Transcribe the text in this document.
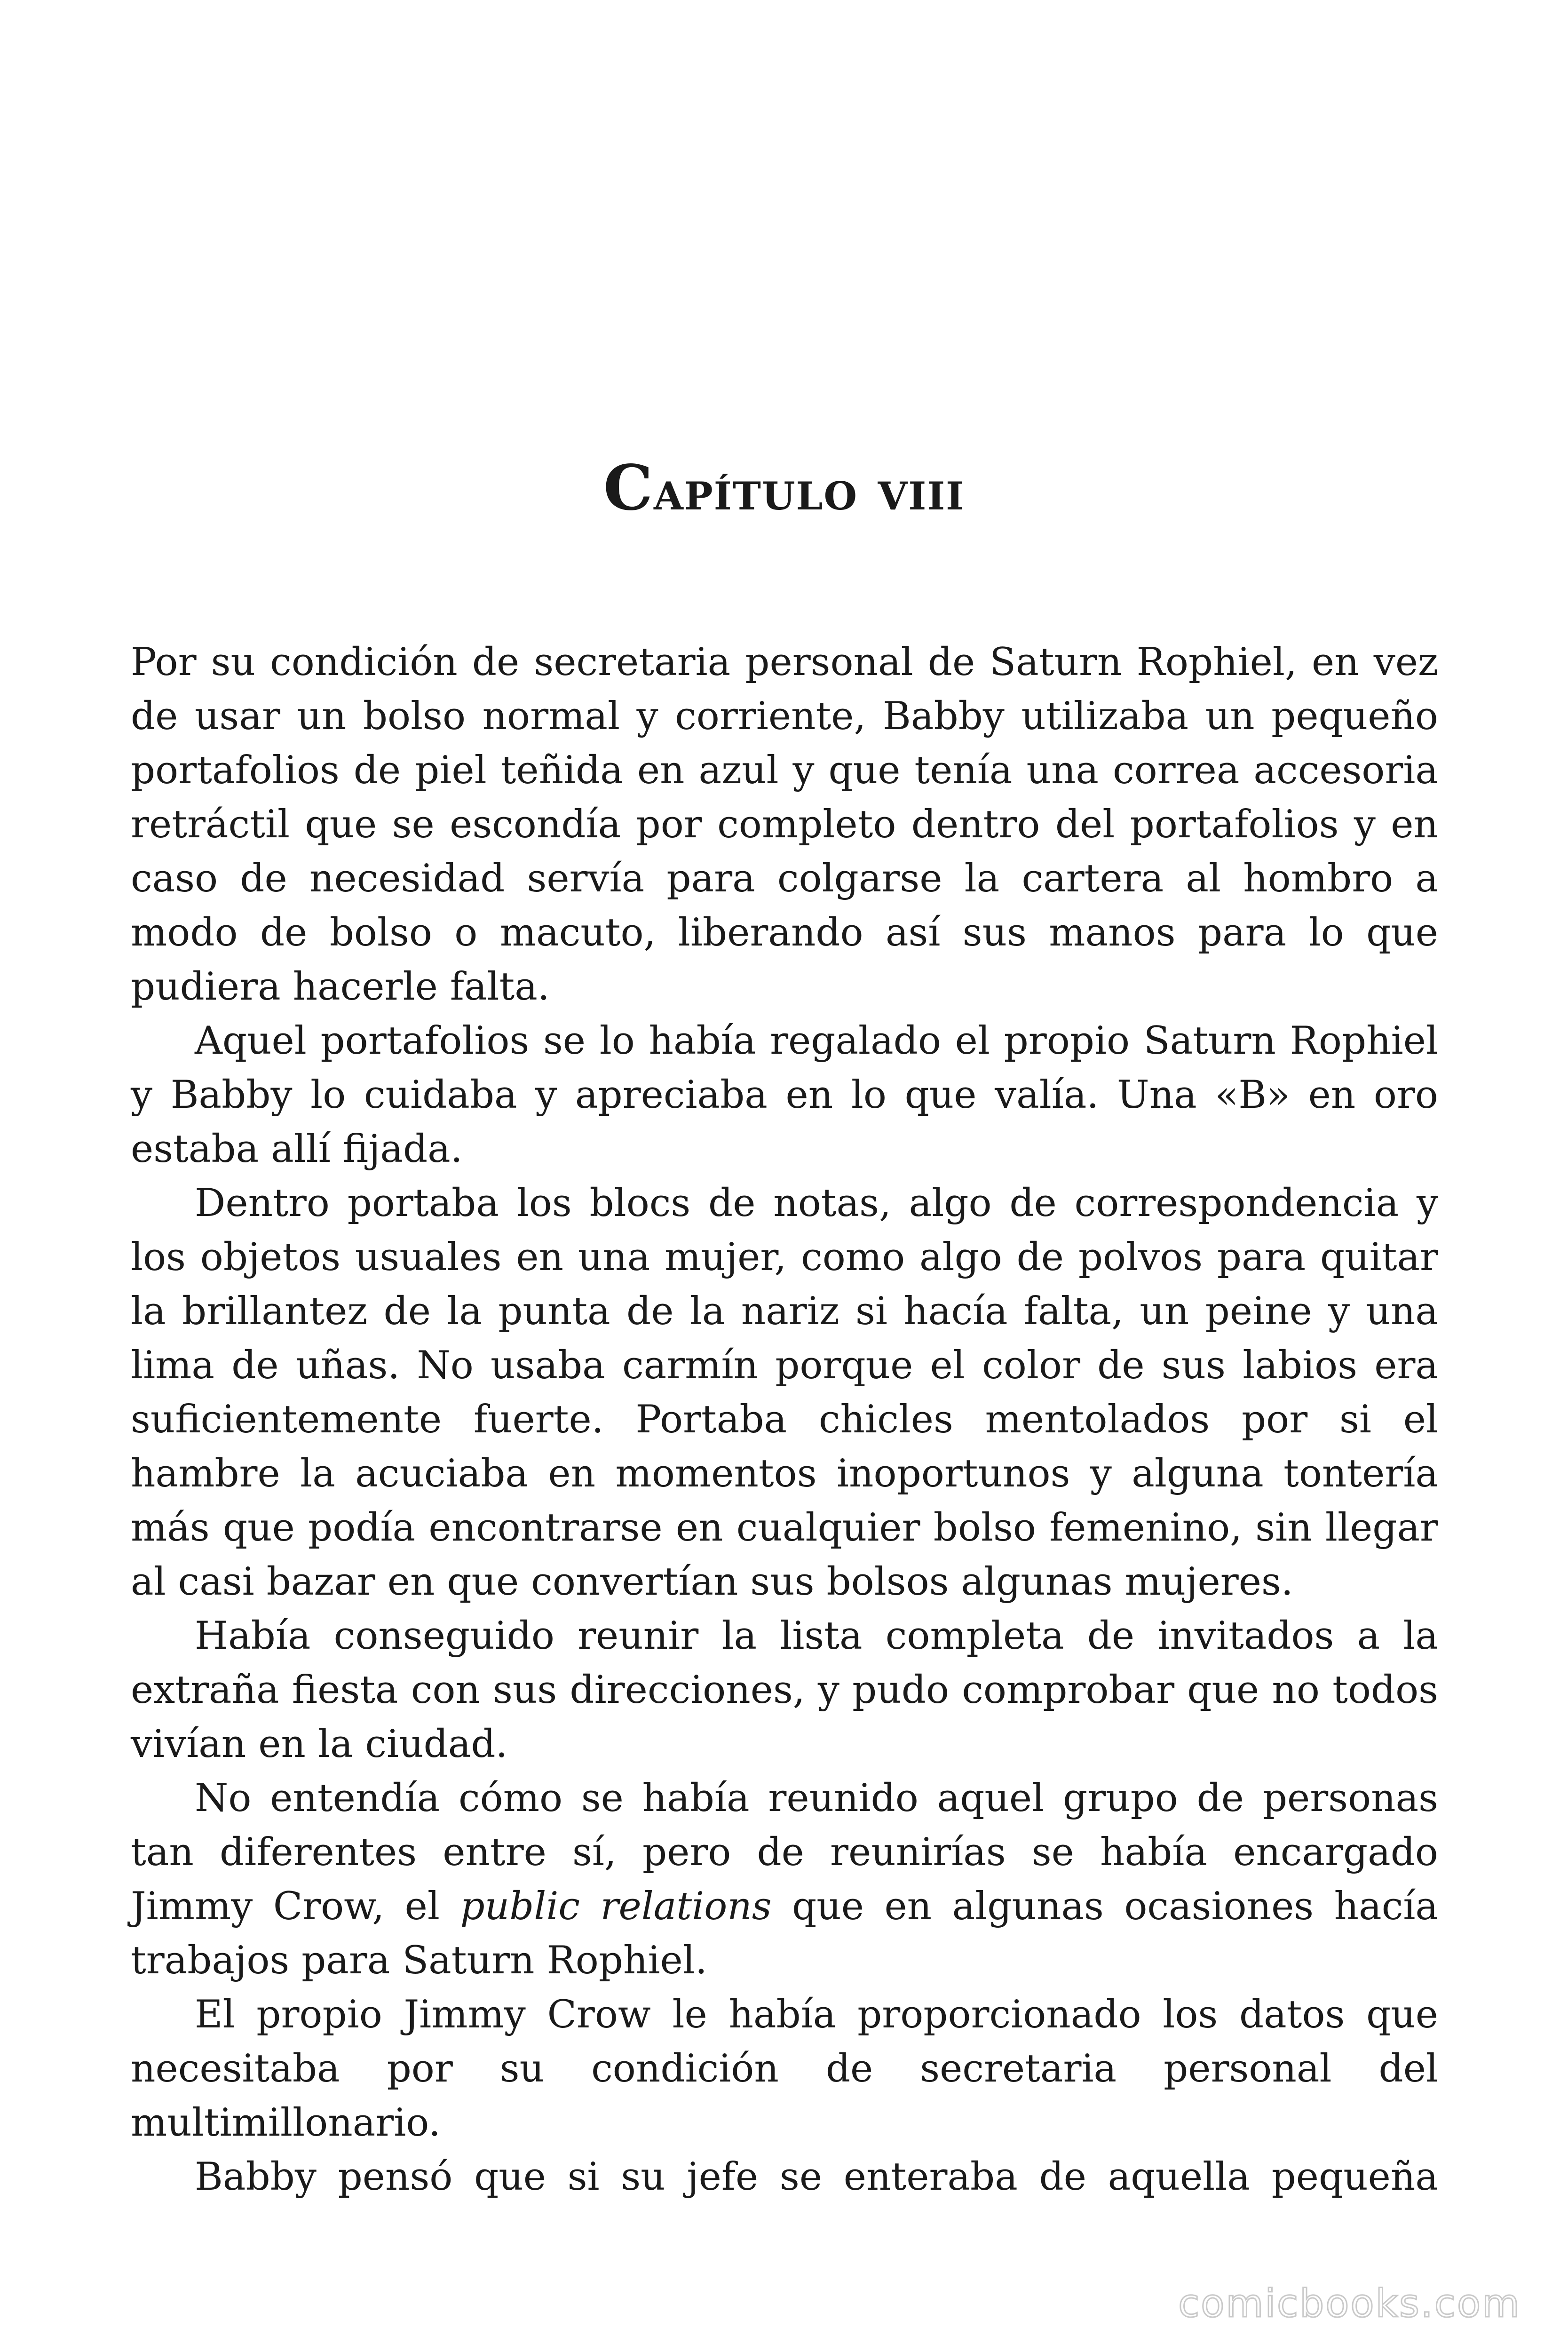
Capítulo viii

Por su condición de secretaria personal de Saturn Rophiel, en vez de usar un bolso normal y corriente, Babby utilizaba un pequeño portafolios de piel teñida en azul y que tenía una correa accesoria retráctil que se escondía por completo dentro del portafolios y en caso de necesidad servía para colgarse la cartera al hombro a modo de bolso o macuto, liberando así sus manos para lo que pudiera hacerle falta.

Aquel portafolios se lo había regalado el propio Saturn Rophiel y Babby lo cuidaba y apreciaba en lo que valía. Una «B» en oro estaba allí fijada.

Dentro portaba los blocs de notas, algo de correspondencia y los objetos usuales en una mujer, como algo de polvos para quitar la brillantez de la punta de la nariz si hacía falta, un peine y una lima de uñas. No usaba carmín porque el color de sus labios era suficientemente fuerte. Portaba chicles mentolados por si el hambre la acuciaba en momentos inoportunos y alguna tontería más que podía encontrarse en cualquier bolso femenino, sin llegar al casi bazar en que convertían sus bolsos algunas mujeres.

Había conseguido reunir la lista completa de invitados a la extraña fiesta con sus direcciones, y pudo comprobar que no todos vivían en la ciudad.

No entendía cómo se había reunido aquel grupo de personas tan diferentes entre sí, pero de reunirías se había encargado Jimmy Crow, el public relations que en algunas ocasiones hacía trabajos para Saturn Rophiel.

El propio Jimmy Crow le había proporcionado los datos que necesitaba por su condición de secretaria personal del multimillonario.

Babby pensó que si su jefe se enteraba de aquella pequeña

comicbooks.com
